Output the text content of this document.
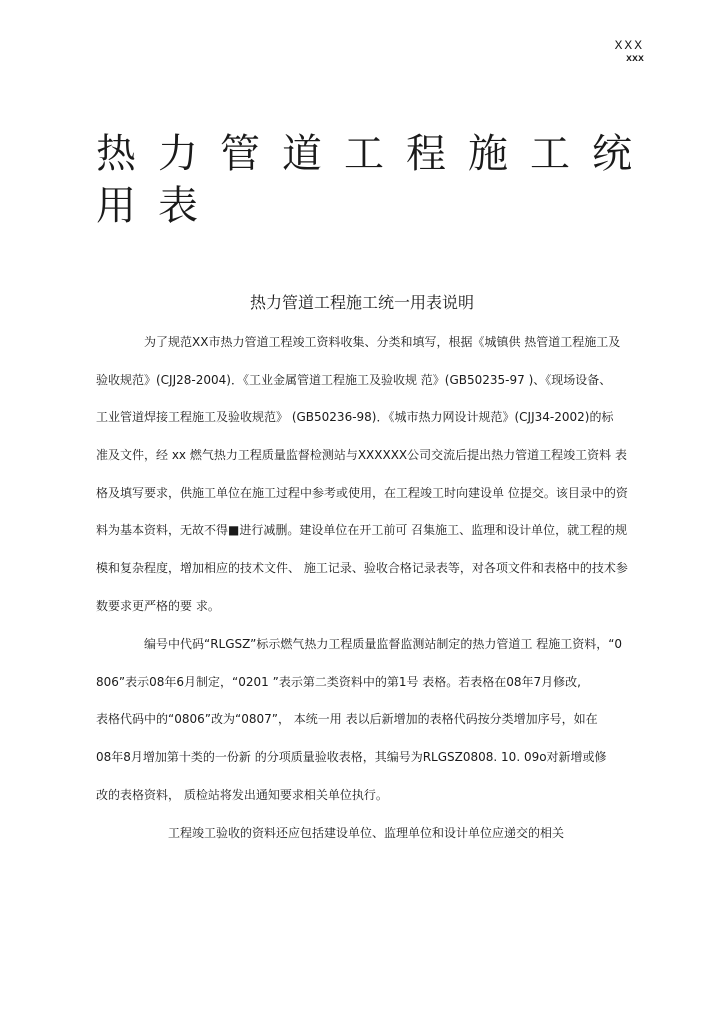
XXX
xxx
热力管道工程施工统用表
热力管道工程施工统一用表说明
为了规范XX市热力管道工程竣工资料收集、分类和填写，根据《城镇供 热管道工程施工及
验收规范》(CJJ28-2004)．《工业金属管道工程施工及验收规 范》(GB50235-97 )、《现场设备、
工业管道焊接工程施工及验收规范》 (GB50236-98)．《城市热力网设计规范》(CJJ34-2002)的标
准及文件，经 xx 燃气热力工程质量监督检测站与XXXXXX公司交流后提出热力管道工程竣工资料 表
格及填写要求，供施工单位在施工过程中参考或使用，在工程竣工时向建设单 位提交。该目录中的资
料为基本资料，无故不得■进行减删。建设单位在开工前可 召集施工、监理和设计单位，就工程的规
模和复杂程度，增加相应的技术文件、 施工记录、验收合格记录表等，对各项文件和表格中的技术参
数要求更严格的要 求。
编号中代码“RLGSZ”标示燃气热力工程质量监督监测站制定的热力管道工 程施工资料，“0
806”表示08年6月制定，“0201 ”表示第二类资料中的第1号 表格。若表格在08年7月修改,
表格代码中的“0806”改为“0807”， 本统一用 表以后新增加的表格代码按分类增加序号，如在
08年8月增加第十类的一份新 的分项质量验收表格，其编号为RLGSZ0808. 10. 09o对新增或修
改的表格资料， 质检站将发出通知要求相关单位执行。
工程竣工验收的资料还应包括建设单位、监理单位和设计单位应递交的相关
